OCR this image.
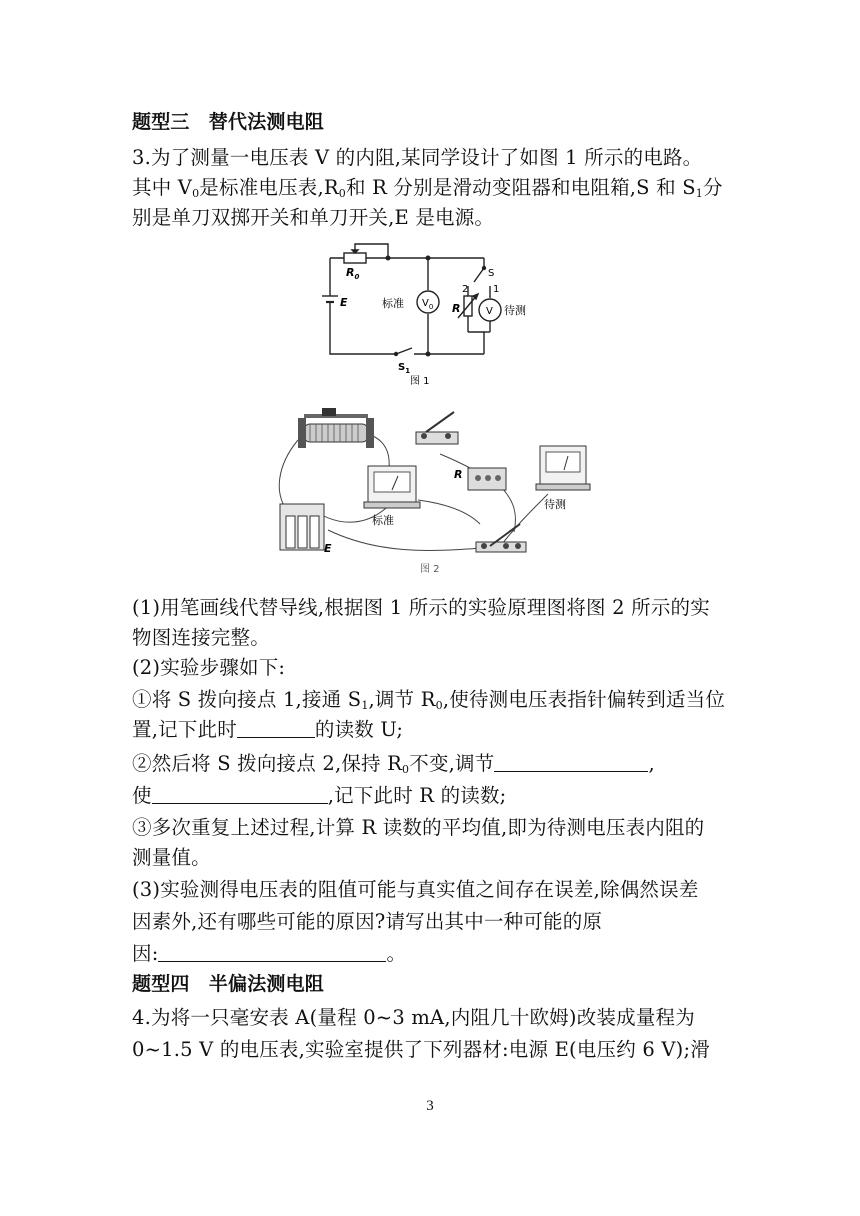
题型三　替代法测电阻
3.为了测量一电压表 V 的内阻,某同学设计了如图 1 所示的电路。
其中 $V_0$是标准电压表$,R_0$和 R 分别是滑动变阻器和电阻箱,S 和 $S_1$分
别是单刀双掷开关和单刀开关,E 是电源。
$R_0$
E	标准 $V_0$
S
2 1
R	V 待测
$S_1$
图 1
R
E
标准
待测
图 2
(1)用笔画线代替导线,根据图 1 所示的实验原理图将图 2 所示的实
物图连接完整。
(2)实验步骤如下:
①将 S 拨向接点 1,接通 $S_1$,调节 $R_0$,使待测电压表指针偏转到适当位
置,记下此时	的读数 U;
②然后将 S 拨向接点 2,保持 $R_0$不变,调节	,
使	,记下此时 R 的读数;
③多次重复上述过程,计算 R 读数的平均值,即为待测电压表内阻的
测量值。
(3)实验测得电压表的阻值可能与真实值之间存在误差,除偶然误差
因素外,还有哪些可能的原因?请写出其中一种可能的原
因:	。
题型四　半偏法测电阻
4.为将一只毫安表 A(量程 0~3 mA,内阻几十欧姆)改装成量程为
0~1.5 V 的电压表,实验室提供了下列器材:电源 E(电压约 6 V);滑
3
